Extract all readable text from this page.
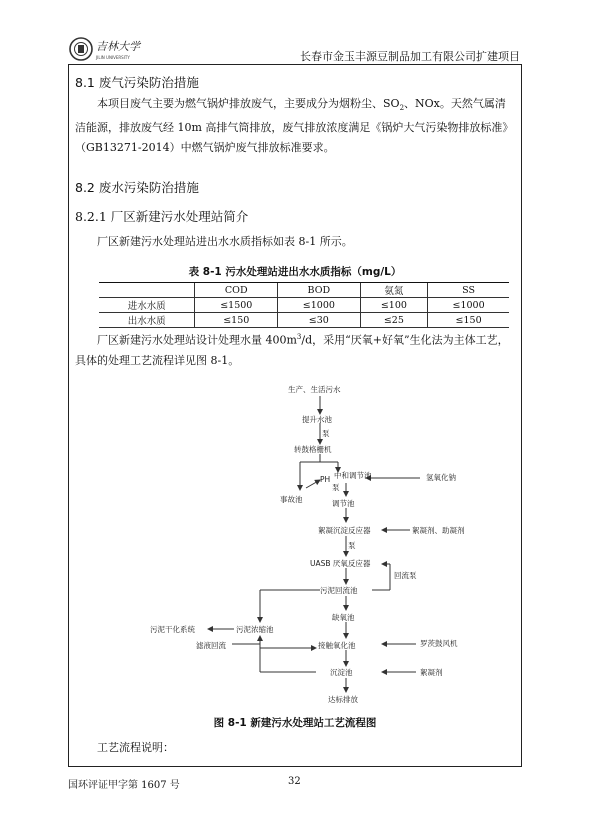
吉林大学
JILIN UNIVERSITY	长春市金玉丰源豆制品加工有限公司扩建项目
8.1 废气污染防治措施
本项目废气主要为燃气锅炉排放废气，主要成分为烟粉尘、$SO_2$、NOx。天然气属清洁能源，排放废气经 10m 高排气筒排放，废气排放浓度满足《锅炉大气污染物排放标准》（GB13271-2014）中燃气锅炉废气排放标准要求。
8.2 废水污染防治措施
8.2.1 厂区新建污水处理站简介
厂区新建污水处理站进出水水质指标如表 8-1 所示。
表 8-1 污水处理站进出水水质指标（mg/L）
	COD	BOD	氨氮	SS
进水水质	≤1500	≤1000	≤100	≤1000
出水水质	≤150	≤30	≤25	≤150
厂区新建污水处理站设计处理水量 $400m^3/d$，采用“厌氧+好氧”生化法为主体工艺，具体的处理工艺流程详见图 8-1。
生产、生活污水
提升水池
泵
转鼓格栅机
PH 中和调节池
泵
氢氧化钠
事故池	调节池
絮凝沉淀反应器
泵
絮凝剂、助凝剂
UASB 厌氧反应器
回流泵
污泥回流池
缺氧池
污泥干化系统	污泥浓缩池
滤液回流	接触氧化池	罗茨鼓风机
沉淀池	絮凝剂
达标排放
图 8-1 新建污水处理站工艺流程图
工艺流程说明：
国环评证甲字第 1607 号	32
